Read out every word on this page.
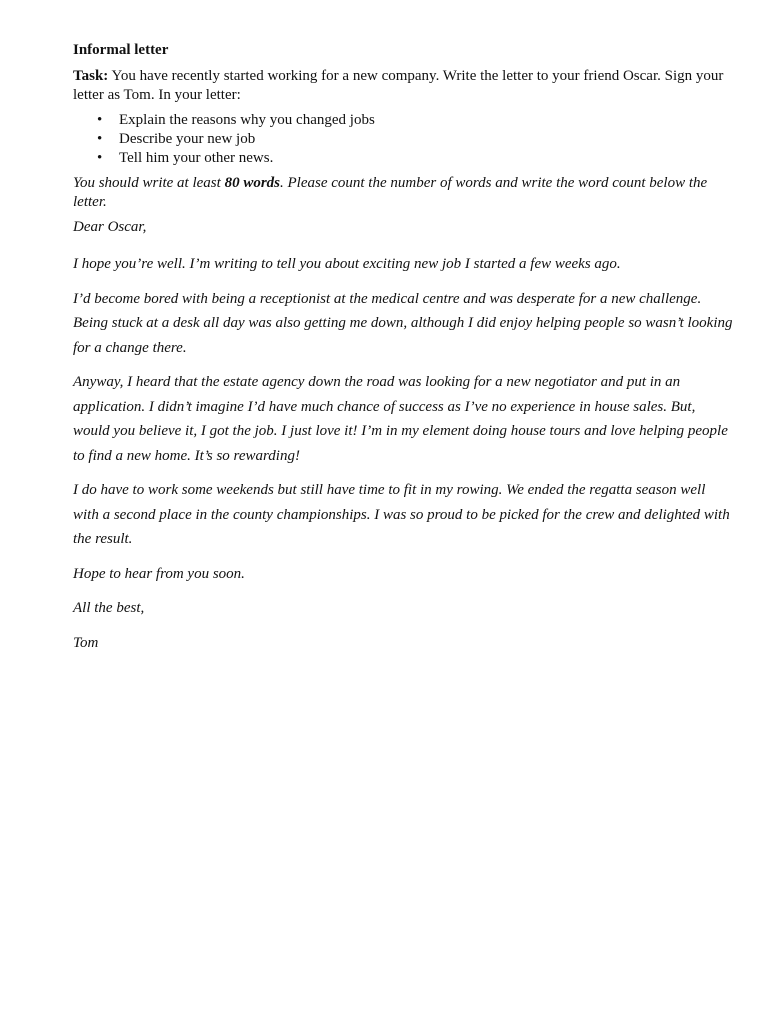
Informal letter

Task: You have recently started working for a new company. Write the letter to your friend Oscar. Sign your letter as Tom. In your letter:

• Explain the reasons why you changed jobs
• Describe your new job
• Tell him your other news.

You should write at least 80 words. Please count the number of words and write the word count below the letter.

Dear Oscar,

I hope you’re well. I’m writing to tell you about exciting new job I started a few weeks ago.

I’d become bored with being a receptionist at the medical centre and was desperate for a new challenge. Being stuck at a desk all day was also getting me down, although I did enjoy helping people so wasn’t looking for a change there.

Anyway, I heard that the estate agency down the road was looking for a new negotiator and put in an application. I didn’t imagine I’d have much chance of success as I’ve no experience in house sales. But, would you believe it, I got the job. I just love it! I’m in my element doing house tours and love helping people to find a new home. It’s so rewarding!

I do have to work some weekends but still have time to fit in my rowing. We ended the regatta season well with a second place in the county championships. I was so proud to be picked for the crew and delighted with the result.

Hope to hear from you soon.

All the best,

Tom
